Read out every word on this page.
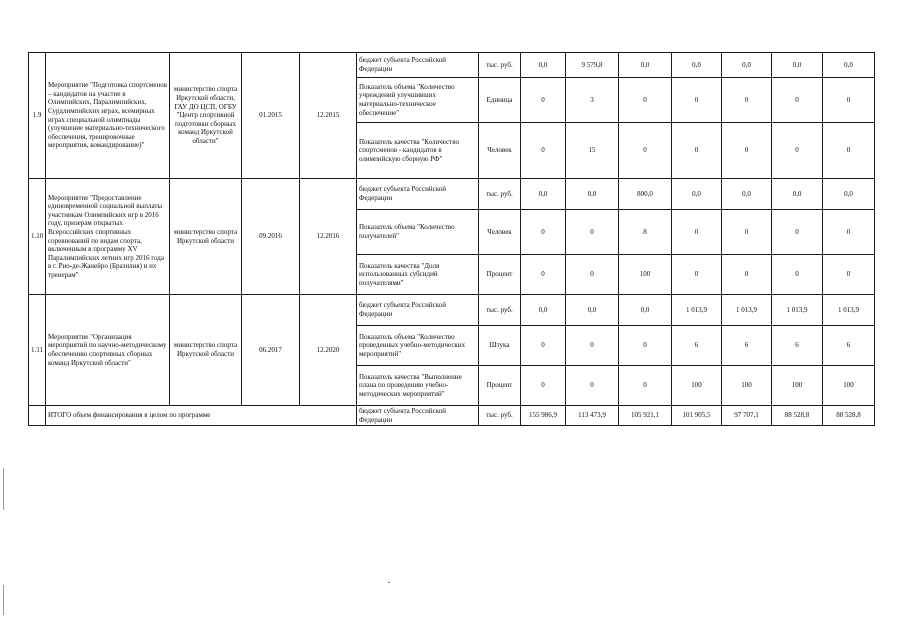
1.9	Мероприятие "Подготовка спортсменов – кандидатов на участие в Олимпийских, Паралимпийских, Сурдлимпийских играх, всемирных играх специальной олимпиады (улучшение материально-технического обеспечения, тренировочные мероприятия, командирование)"	министерство спорта Иркутской области, ГАУ ДО ЦСП, ОГБУ "Центр спортивной подготовки сборных команд Иркутской области"	01.2015	12.2015	бюджет субъекта Российской Федерации	тыс. руб.	0,0	9 579,8	0,0	0,0	0,0	0,0	0,0
					Показатель объема "Количество учреждений улучшивших материально-техническое обеспечение"	Единица	0	3	0	0	0	0	0
					Показатель качества "Количество спортсменов - кандидатов в олимпийскую сборную РФ"	Человек	0	15	0	0	0	0	0
1.10	Мероприятие "Предоставление единовременной социальной выплаты участникам Олимпийских игр в 2016 году, призерам открытых Всероссийских спортивных соревнований по видам спорта, включенным в программу XV Паралимпийских летних игр 2016 года в г. Рио-де-Жанейро (Бразилия) и их тренерам"	министерство спорта Иркутской области	09.2016	12.2016	бюджет субъекта Российской Федерации	тыс. руб.	0,0	0,0	800,0	0,0	0,0	0,0	0,0
					Показатель объема "Количество получателей"	Человек	0	0	8	0	0	0	0
					Показатель качества "Доля использованных субсидий получателями"	Процент	0	0	100	0	0	0	0
1.11	Мероприятие "Организация мероприятий по научно-методическому обеспечению спортивных сборных команд Иркутской области"	министерство спорта Иркутской области	06.2017	12.2020	бюджет субъекта Российской Федерации	тыс. руб.	0,0	0,0	0,0	1 013,9	1 013,9	1 013,9	1 013,9
					Показатель объема "Количество проведенных учебно-методических мероприятий"	Штука	0	0	0	6	6	6	6
					Показатель качества "Выполнение плана по проведению учебно-методических мероприятий"	Процент	0	0	0	100	100	100	100
	ИТОГО объем финансирования в целом по программе				бюджет субъекта Российской Федерации	тыс. руб.	155 986,9	113 473,9	105 921,1	101 905,5	97 707,1	88 528,8	88 528,8
